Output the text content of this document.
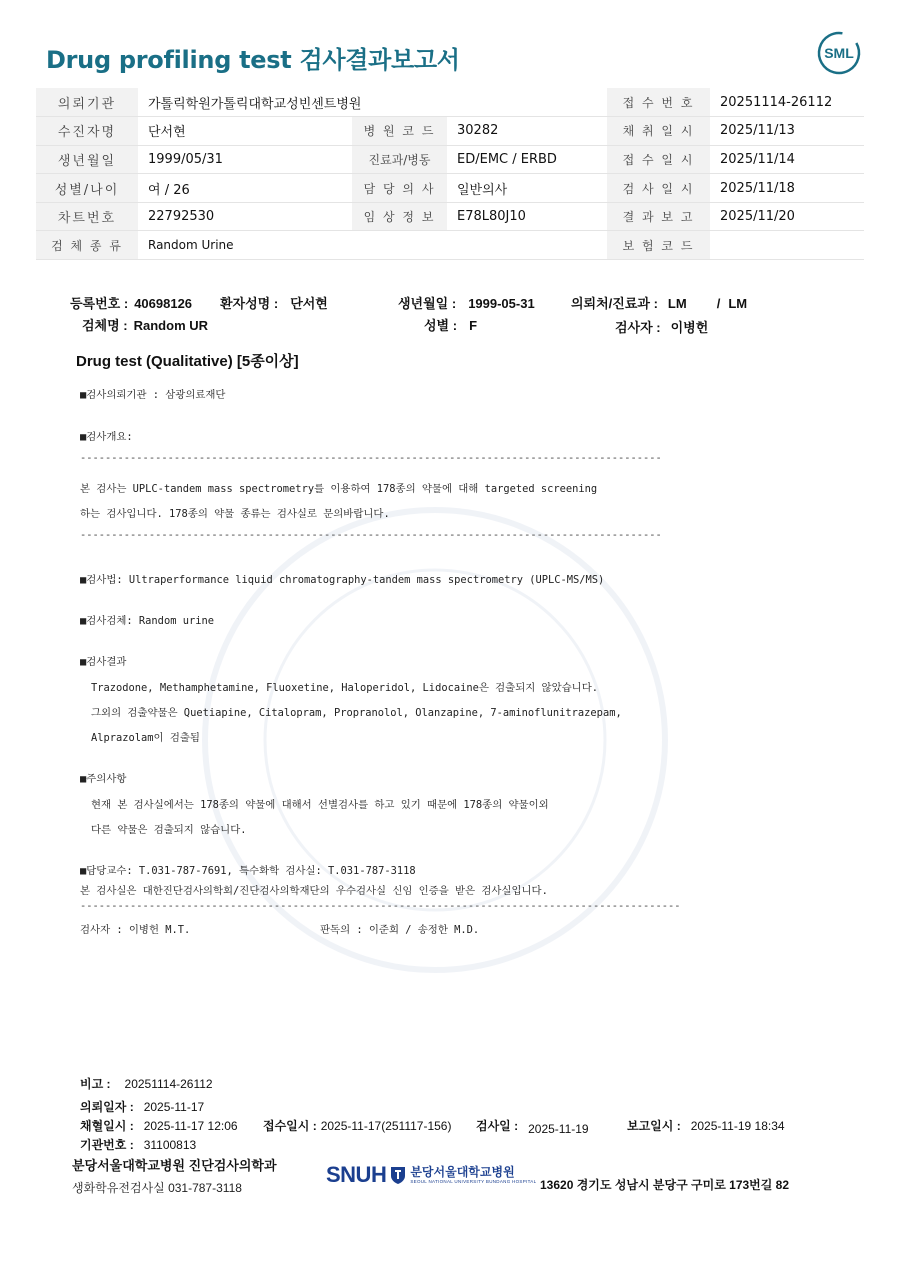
Drug profiling test 검사결과보고서	SML
의뢰기관	가톨릭학원가톨릭대학교성빈센트병원			접 수 번 호	20251114-26112
수진자명	단서현	병 원 코 드	30282	채 취 일 시	2025/11/13
생년월일	1999/05/31	진료과/병동	ED/EMC / ERBD	접 수 일 시	2025/11/14
성별/나이	여 / 26	담 당 의 사	일반의사	검 사 일 시	2025/11/18
차트번호	22792530	임 상 정 보	E78L80J10	결 과 보 고	2025/11/20
검 체 종 류	Random Urine			보 험 코 드	
등록번호 : 40698126 환자성명 : 단서현	생년월일 : 1999-05-31	의뢰처/진료과 : LM / LM
검체명 : Random UR	성별 : F	검사자 : 이병헌
Drug test (Qualitative) [5종이상]
■검사의뢰기관 : 삼광의료재단
■검사개요:
---------------------------------------------------------------------------------------------
본 검사는 UPLC-tandem mass spectrometry를 이용하여 178종의 약물에 대해 targeted screening
하는 검사입니다. 178종의 약물 종류는 검사실로 문의바랍니다.
---------------------------------------------------------------------------------------------
■검사법: Ultraperformance liquid chromatography-tandem mass spectrometry (UPLC-MS/MS)
■검사검체: Random urine
■검사결과
Trazodone, Methamphetamine, Fluoxetine, Haloperidol, Lidocaine은 검출되지 않았습니다.
그외의 검출약물은 Quetiapine, Citalopram, Propranolol, Olanzapine, 7-aminoflunitrazepam,
Alprazolam이 검출됨
■주의사항
현재 본 검사실에서는 178종의 약물에 대해서 선별검사를 하고 있기 때문에 178종의 약물이외
다른 약물은 검출되지 않습니다.
■담당교수: T.031-787-7691, 특수화학 검사실: T.031-787-3118
본 검사실은 대한진단검사의학회/진단검사의학재단의 우수검사실 신임 인증을 받은 검사실입니다.
------------------------------------------------------------------------------------------------
검사자 : 이병헌 M.T.	판독의 : 이준희 / 송정한 M.D.
비고 : 20251114-26112
의뢰일자 : 2025-11-17
채혈일시 : 2025-11-17 12:06 접수일시 : 2025-11-17(251117-156) 검사일 : 2025-11-19	보고일시 : 2025-11-19 18:34
기관번호 : 31100813
분당서울대학교병원 진단검사의학과
생화학유전검사실 031-787-3118
SNUH 분당서울대학교병원
SEOUL NATIONAL UNIVERSITY BUNDANG HOSPITAL 13620 경기도 성남시 분당구 구미로 173번길 82
